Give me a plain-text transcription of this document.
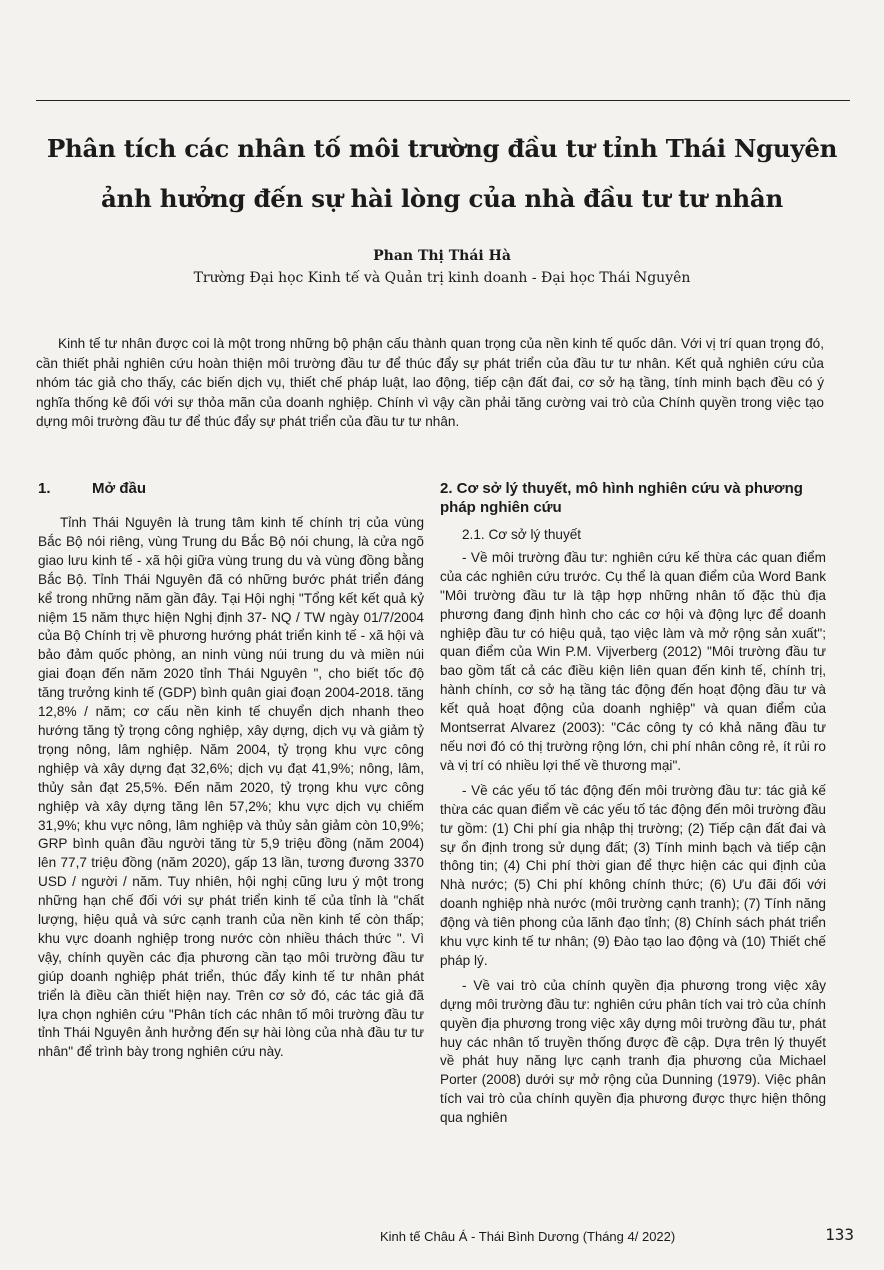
Phân tích các nhân tố môi trường đầu tư tỉnh Thái Nguyên ảnh hưởng đến sự hài lòng của nhà đầu tư tư nhân

Phan Thị Thái Hà

Trường Đại học Kinh tế và Quản trị kinh doanh - Đại học Thái Nguyên

Kinh tế tư nhân được coi là một trong những bộ phận cấu thành quan trọng của nền kinh tế quốc dân. Với vị trí quan trọng đó, cần thiết phải nghiên cứu hoàn thiện môi trường đầu tư để thúc đẩy sự phát triển của đầu tư tư nhân. Kết quả nghiên cứu của nhóm tác giả cho thấy, các biến dịch vụ, thiết chế pháp luật, lao động, tiếp cận đất đai, cơ sở hạ tầng, tính minh bạch đều có ý nghĩa thống kê đối với sự thỏa mãn của doanh nghiệp. Chính vì vậy cần phải tăng cường vai trò của Chính quyền trong việc tạo dựng môi trường đầu tư để thúc đẩy sự phát triển của đầu tư tư nhân.

1.	Mở đầu	2. Cơ sở lý thuyết, mô hình nghiên cứu và phương pháp nghiên cứu

Tỉnh Thái Nguyên là trung tâm kinh tế chính trị của vùng Bắc Bộ nói riêng, vùng Trung du Bắc Bộ nói chung, là cửa ngõ giao lưu kinh tế - xã hội giữa vùng trung du và vùng đồng bằng Bắc Bộ. Tỉnh Thái Nguyên đã có những bước phát triển đáng kể trong những năm gần đây. Tại Hội nghị "Tổng kết kết quả kỷ niệm 15 năm thực hiện Nghị định 37- NQ / TW ngày 01/7/2004 của Bộ Chính trị về phương hướng phát triển kinh tế - xã hội và bảo đảm quốc phòng, an ninh vùng núi trung du và miền núi giai đoạn đến năm 2020 tỉnh Thái Nguyên ", cho biết tốc độ tăng trưởng kinh tế (GDP) bình quân giai đoạn 2004-2018. tăng 12,8% / năm; cơ cấu nền kinh tế chuyển dịch nhanh theo hướng tăng tỷ trọng công nghiệp, xây dựng, dịch vụ và giảm tỷ trọng nông, lâm nghiệp. Năm 2004, tỷ trọng khu vực công nghiệp và xây dựng đạt 32,6%; dịch vụ đạt 41,9%; nông, lâm, thủy sản đạt 25,5%. Đến năm 2020, tỷ trọng khu vực công nghiệp và xây dựng tăng lên 57,2%; khu vực dịch vụ chiếm 31,9%; khu vực nông, lâm nghiệp và thủy sản giảm còn 10,9%; GRP bình quân đầu người tăng từ 5,9 triệu đồng (năm 2004) lên 77,7 triệu đồng (năm 2020), gấp 13 lần, tương đương 3370 USD / người / năm. Tuy nhiên, hội nghị cũng lưu ý một trong những hạn chế đối với sự phát triển kinh tế của tỉnh là "chất lượng, hiệu quả và sức cạnh tranh của nền kinh tế còn thấp; khu vực doanh nghiệp trong nước còn nhiều thách thức ". Vì vậy, chính quyền các địa phương cần tạo môi trường đầu tư giúp doanh nghiệp phát triển, thúc đẩy kinh tế tư nhân phát triển là điều cần thiết hiện nay. Trên cơ sở đó, các tác giả đã lựa chọn nghiên cứu "Phân tích các nhân tố môi trường đầu tư tỉnh Thái Nguyên ảnh hưởng đến sự hài lòng của nhà đầu tư tư nhân" để trình bày trong nghiên cứu này.

2.1. Cơ sở lý thuyết

- Về môi trường đầu tư: nghiên cứu kế thừa các quan điểm của các nghiên cứu trước. Cụ thể là quan điểm của Word Bank "Môi trường đầu tư là tập hợp những nhân tố đặc thù địa phương đang định hình cho các cơ hội và động lực để doanh nghiệp đầu tư có hiệu quả, tạo việc làm và mở rộng sản xuất"; quan điểm của Win P.M. Vijverberg (2012) "Môi trường đầu tư bao gồm tất cả các điều kiện liên quan đến kinh tế, chính trị, hành chính, cơ sở hạ tầng tác động đến hoạt động đầu tư và kết quả hoạt động của doanh nghiệp" và quan điểm của Montserrat Alvarez (2003): "Các công ty có khả năng đầu tư nếu nơi đó có thị trường rộng lớn, chi phí nhân công rẻ, ít rủi ro và vị trí có nhiều lợi thế về thương mại".

- Về các yếu tố tác động đến môi trường đầu tư: tác giả kế thừa các quan điểm về các yếu tố tác động đến môi trường đầu tư gồm: (1) Chi phí gia nhập thị trường; (2) Tiếp cận đất đai và sự ổn định trong sử dụng đất; (3) Tính minh bạch và tiếp cận thông tin; (4) Chi phí thời gian để thực hiện các qui định của Nhà nước; (5) Chi phí không chính thức; (6) Ưu đãi đối với doanh nghiệp nhà nước (môi trường cạnh tranh); (7) Tính năng động và tiên phong của lãnh đạo tỉnh; (8) Chính sách phát triển khu vực kinh tế tư nhân; (9) Đào tạo lao động và (10) Thiết chế pháp lý.

- Về vai trò của chính quyền địa phương trong việc xây dựng môi trường đầu tư: nghiên cứu phân tích vai trò của chính quyền địa phương trong việc xây dựng môi trường đầu tư, phát huy các nhân tố truyền thống được đề cập. Dựa trên lý thuyết về phát huy năng lực cạnh tranh địa phương của Michael Porter (2008) dưới sự mở rộng của Dunning (1979). Việc phân tích vai trò của chính quyền địa phương được thực hiện thông qua nghiên

Kinh tế Châu Á - Thái Bình Dương (Tháng 4/ 2022)	133
